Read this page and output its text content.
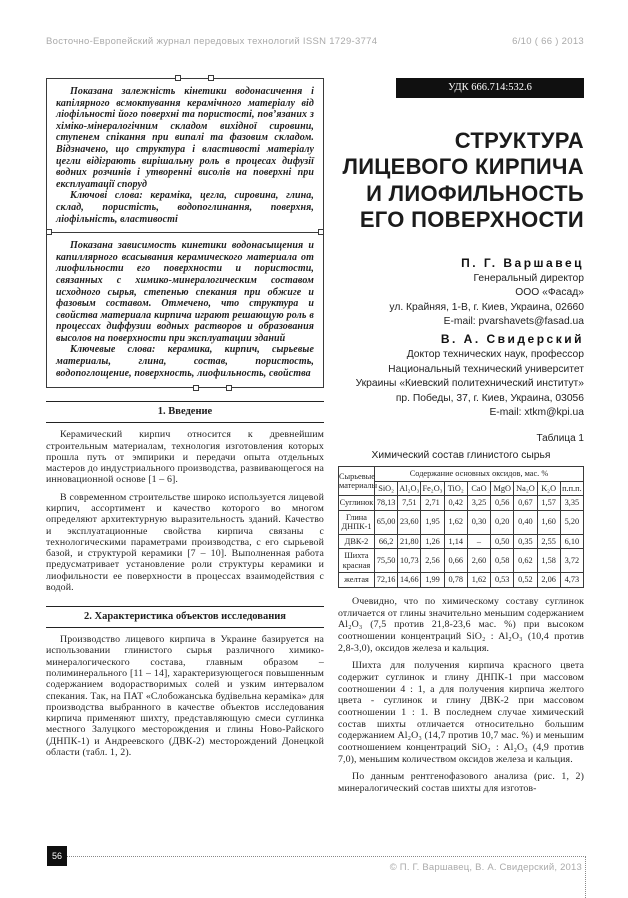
Восточно-Европейский журнал передовых технологий ISSN 1729-3774	6/10 ( 66 ) 2013

Показана залежність кінетики водонасичення і капілярного всмоктування керамічного матеріалу від ліофільності його поверхні та пористості, пов’язаних з хіміко-мінералогічним складом вихідної сировини, ступенем спікання при випалі та фазовим складом. Відзначено, що структура і властивості матеріалу цегли відіграють вирішальну роль в процесах дифузії водних розчинів і утворенні висолів на поверхні при експлуатації споруд

Ключові слова: кераміка, цегла, сировина, глина, склад, пористість, водопоглинання, поверхня, ліофільність, властивості

Показана зависимость кинетики водонасыщения и капиллярного всасывания керамического материала от лиофильности его поверхности и пористости, связанных с химико-минералогическим составом исходного сырья, степенью спекания при обжиге и фазовым составом. Отмечено, что структура и свойства материала кирпича играют решающую роль в процессах диффузии водных растворов и образования высолов на поверхности при эксплуатации зданий

Ключевые слова: керамика, кирпич, сырьевые материалы, глина, состав, пористость, водопоглощение, поверхность, лиофильность, свойства

1. Введение

Керамический кирпич относится к древнейшим строительным материалам, технология изготовления которых прошла путь от эмпирики и передачи опыта отдельных мастеров до индустриального производства, развивающегося на инновационной основе [1 – 6].

В современном строительстве широко используется лицевой кирпич, ассортимент и качество которого во многом определяют архитектурную выразительность зданий. Качество и эксплуатационные свойства кирпича связаны с технологическими параметрами производства, с его сырьевой базой, и структурой керамики [7 – 10]. Выполненная работа предусматривает установление роли структуры керамики и лиофильности ее поверхности в процессах взаимодействия с водой.

2. Характеристика объектов исследования

Производство лицевого кирпича в Украине базируется на использовании глинистого сырья различного химико-минералогического состава, главным образом – полиминерального [11 – 14], характеризующегося повышенным содержанием водорастворимых солей и узким интервалом спекания. Так, на ПАТ «Слобожанська будівельна кераміка» для производства выбранного в качестве объектов исследования кирпича применяют шихту, представляющую смеси суглинка местного Залуцкого месторождения и глины Ново-Райского (ДНПК-1) и Андреевского (ДВК-2) месторождений Донецкой области (табл. 1, 2).

УДК 666.714:532.6
СТРУКТУРА
ЛИЦЕВОГО КИРПИЧА
И ЛИОФИЛЬНОСТЬ
ЕГО ПОВЕРХНОСТИ
П. Г. Варшавец
Генеральный директор
ООО «Фасад»
ул. Крайняя, 1-В, г. Киев, Украина, 02660
E-mail: pvarshavets@fasad.ua
В. А. Свидерский
Доктор технических наук, профессор
Национальный технический университет
Украины «Киевский политехнический институт»
пр. Победы, 37, г. Киев, Украина, 03056
E-mail: xtkm@kpi.ua
Таблица 1
Химический состав глинистого сырья
Сырьевые материалы	Содержание основных оксидов, мас. %								
	SiO₂	Al₂O₃	Fe₂O₃	TiO₂	CaO	MgO	Na₂O	K₂O	п.п.п.
Суглинок	78,13	7,51	2,71	0,42	3,25	0,56	0,67	1,57	3,35
Глина ДНПК-1	65,00	23,60	1,95	1,62	0,30	0,20	0,40	1,60	5,20
ДВК-2	66,2	21,80	1,26	1,14	–	0,50	0,35	2,55	6,10
Шихта красная	75,50	10,73	2,56	0,66	2,60	0,58	0,62	1,58	3,72
желтая	72,16	14,66	1,99	0,78	1,62	0,53	0,52	2,06	4,73

Очевидно, что по химическому составу суглинок отличается от глины значительно меньшим содержанием Al₂O₃ (7,5 против 21,8-23,6 мас. %) при высоком соотношении концентраций SiO₂ : Al₂O₃ (10,4 против 2,8-3,0), оксидов железа и кальция.

Шихта для получения кирпича красного цвета содержит суглинок и глину ДНПК-1 при массовом соотношении 4 : 1, а для получения кирпича желтого цвета - суглинок и глину ДВК-2 при массовом соотношении 1 : 1. В последнем случае химический состав шихты отличается относительно большим содержанием Al₂O₃ (14,7 против 10,7 мас. %) и меньшим соотношением концентраций SiO₂ : Al₂O₃ (4,9 против 7,0), меньшим количеством оксидов железа и кальция.

По данным рентгенофазового анализа (рис. 1, 2) минералогический состав шихты для изготов-

56
© П. Г. Варшавец, В. А. Свидерский, 2013
